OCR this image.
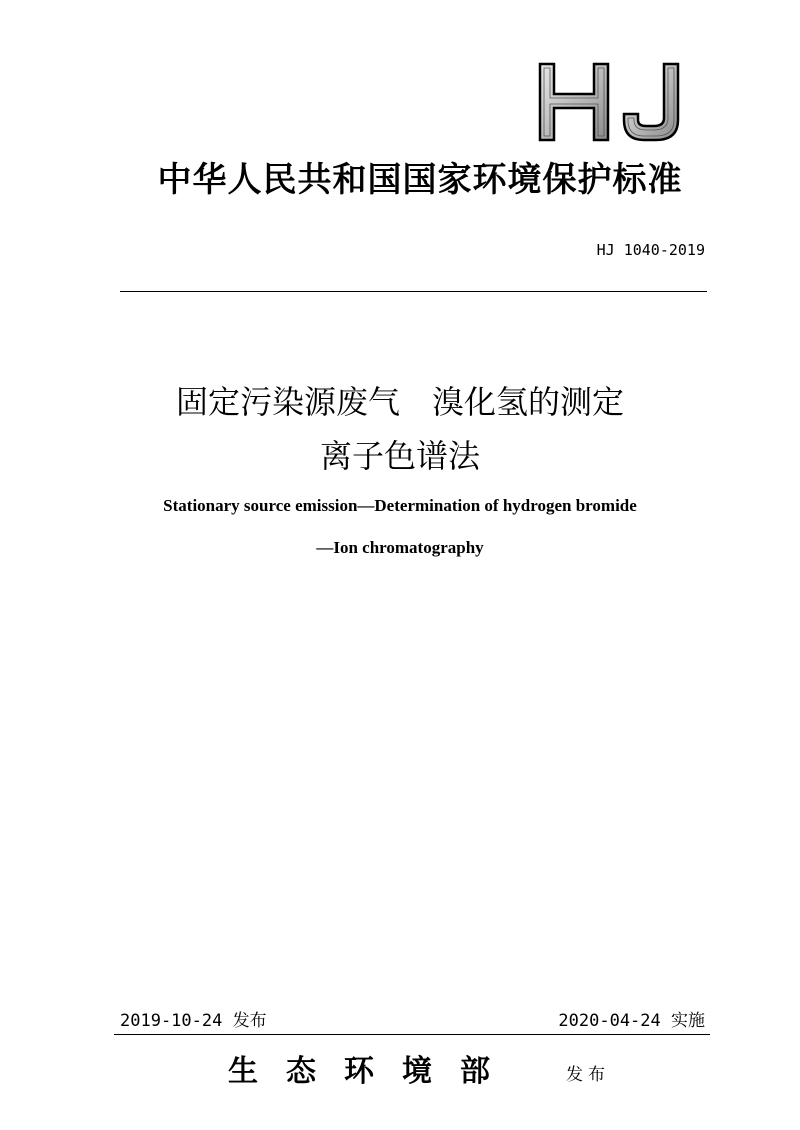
中华人民共和国国家环境保护标准
HJ 1040-2019
固定污染源废气　溴化氢的测定
离子色谱法
Stationary source emission—Determination of hydrogen bromide
—Ion chromatography
2019-10-24 发布	2020-04-24 实施
生态环境部	发布
